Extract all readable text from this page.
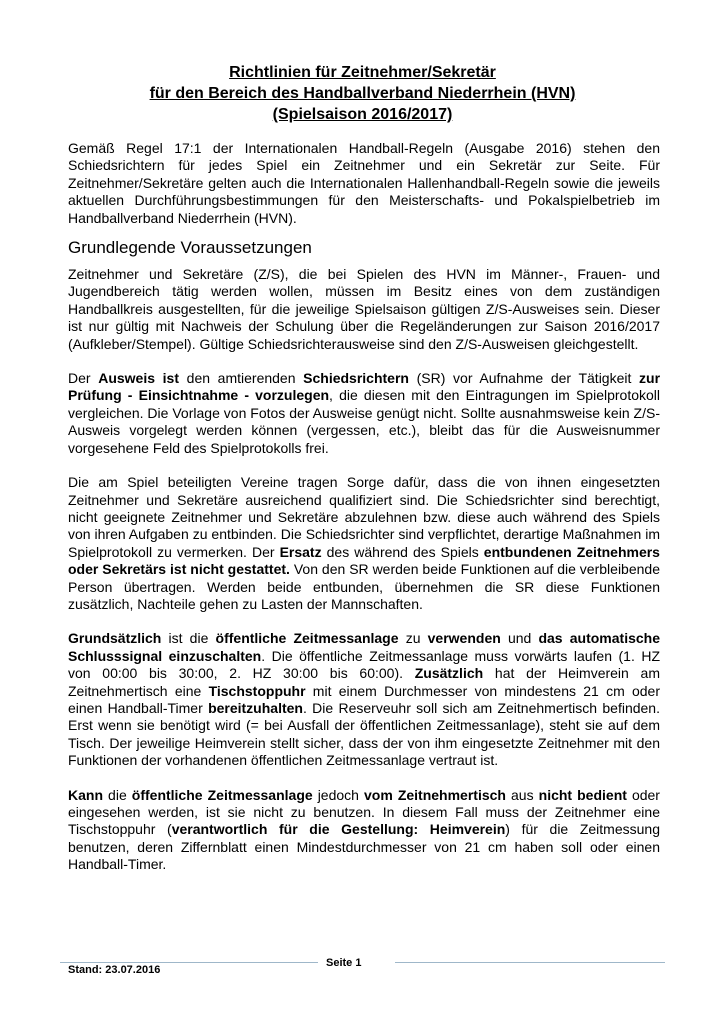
Richtlinien für Zeitnehmer/Sekretär
für den Bereich des Handballverband Niederrhein (HVN)
(Spielsaison 2016/2017)

Gemäß Regel 17:1 der Internationalen Handball-Regeln (Ausgabe 2016) stehen den Schiedsrichtern für jedes Spiel ein Zeitnehmer und ein Sekretär zur Seite. Für Zeitnehmer/Sekretäre gelten auch die Internationalen Hallenhandball-Regeln sowie die jeweils aktuellen Durchführungsbestimmungen für den Meisterschafts- und Pokalspielbetrieb im Handballverband Niederrhein (HVN).

Grundlegende Voraussetzungen

Zeitnehmer und Sekretäre (Z/S), die bei Spielen des HVN im Männer-, Frauen- und Jugendbereich tätig werden wollen, müssen im Besitz eines von dem zuständigen Handballkreis ausgestellten, für die jeweilige Spielsaison gültigen Z/S-Ausweises sein. Dieser ist nur gültig mit Nachweis der Schulung über die Regeländerungen zur Saison 2016/2017 (Aufkleber/Stempel). Gültige Schiedsrichterausweise sind den Z/S-Ausweisen gleichgestellt.

Der Ausweis ist den amtierenden Schiedsrichtern (SR) vor Aufnahme der Tätigkeit zur Prüfung - Einsichtnahme - vorzulegen, die diesen mit den Eintragungen im Spielprotokoll vergleichen. Die Vorlage von Fotos der Ausweise genügt nicht. Sollte ausnahmsweise kein Z/S-Ausweis vorgelegt werden können (vergessen, etc.), bleibt das für die Ausweisnummer vorgesehene Feld des Spielprotokolls frei.

Die am Spiel beteiligten Vereine tragen Sorge dafür, dass die von ihnen eingesetzten Zeitnehmer und Sekretäre ausreichend qualifiziert sind. Die Schiedsrichter sind berechtigt, nicht geeignete Zeitnehmer und Sekretäre abzulehnen bzw. diese auch während des Spiels von ihren Aufgaben zu entbinden. Die Schiedsrichter sind verpflichtet, derartige Maßnahmen im Spielprotokoll zu vermerken. Der Ersatz des während des Spiels entbundenen Zeitnehmers oder Sekretärs ist nicht gestattet. Von den SR werden beide Funktionen auf die verbleibende Person übertragen. Werden beide entbunden, übernehmen die SR diese Funktionen zusätzlich, Nachteile gehen zu Lasten der Mannschaften.

Grundsätzlich ist die öffentliche Zeitmessanlage zu verwenden und das automatische Schlusssignal einzuschalten. Die öffentliche Zeitmessanlage muss vorwärts laufen (1. HZ von 00:00 bis 30:00, 2. HZ 30:00 bis 60:00). Zusätzlich hat der Heimverein am Zeitnehmertisch eine Tischstoppuhr mit einem Durchmesser von mindestens 21 cm oder einen Handball-Timer bereitzuhalten. Die Reserveuhr soll sich am Zeitnehmertisch befinden. Erst wenn sie benötigt wird (= bei Ausfall der öffentlichen Zeitmessanlage), steht sie auf dem Tisch. Der jeweilige Heimverein stellt sicher, dass der von ihm eingesetzte Zeitnehmer mit den Funktionen der vorhandenen öffentlichen Zeitmessanlage vertraut ist.

Kann die öffentliche Zeitmessanlage jedoch vom Zeitnehmertisch aus nicht bedient oder eingesehen werden, ist sie nicht zu benutzen. In diesem Fall muss der Zeitnehmer eine Tischstoppuhr (verantwortlich für die Gestellung: Heimverein) für die Zeitmessung benutzen, deren Ziffernblatt einen Mindestdurchmesser von 21 cm haben soll oder einen Handball-Timer.

Seite 1
Stand: 23.07.2016
